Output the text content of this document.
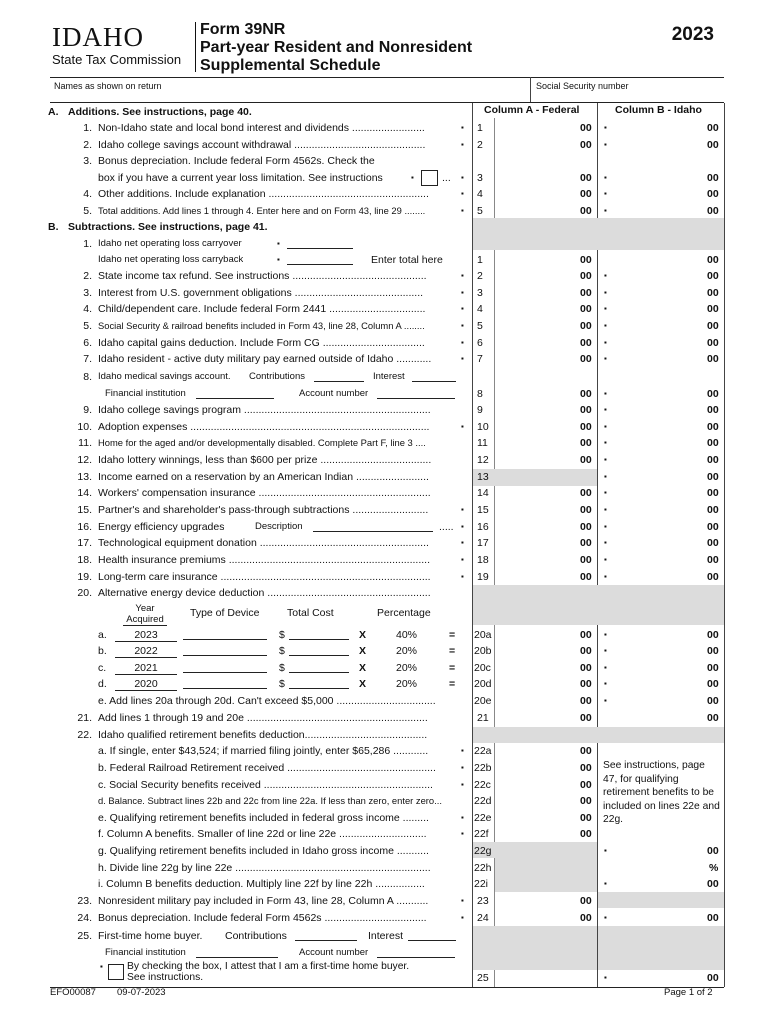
IDAHO
State Tax Commission
Form 39NR
Part-year Resident and Nonresident
Supplemental Schedule
2023
Names as shown on return	Social Security number
Column A - Federal	Column B - Idaho
A. Additions. See instructions, page 40.
1. Non-Idaho state and local bond interest and dividends .........................	▪ 1	00 ▪	00
2. Idaho college savings account withdrawal .............................................	▪ 2	00 ▪	00
3. Bonus depreciation. Include federal Form 4562s. Check the
box if you have a current year loss limitation. See instructions	▪	... ▪ 3	00 ▪	00
4. Other additions. Include explanation .......................................................	▪ 4	00 ▪	00
5. Total additions. Add lines 1 through 4. Enter here and on Form 43, line 29 ........	▪ 5	00 ▪	00
B. Subtractions. See instructions, page 41.
1. Idaho net operating loss carryover	▪
Idaho net operating loss carryback	▪	Enter total here	1	00	00
2. State income tax refund. See instructions ..............................................	▪ 2	00 ▪	00
3. Interest from U.S. government obligations ............................................	▪ 3	00 ▪	00
4. Child/dependent care. Include federal Form 2441 .................................	▪ 4	00 ▪	00
5. Social Security & railroad benefits included in Form 43, line 28, Column A ........	▪ 5	00 ▪	00
6. Idaho capital gains deduction. Include Form CG ...................................	▪ 6	00 ▪	00
7. Idaho resident - active duty military pay earned outside of Idaho ............	▪ 7	00 ▪	00
8. Idaho medical savings account. Contributions	Interest
Financial institution	Account number	8	00 ▪	00
9. Idaho college savings program ................................................................	9	00 ▪	00
10. Adoption expenses ..................................................................................	▪ 10	00 ▪	00
11. Home for the aged and/or developmentally disabled. Complete Part F, line 3 ....	11	00 ▪	00
12. Idaho lottery winnings, less than $600 per prize ......................................	12	00 ▪	00
13. Income earned on a reservation by an American Indian .........................	13	▪	00
14. Workers' compensation insurance ...........................................................	14	00 ▪	00
15. Partner's and shareholder's pass-through subtractions ..........................	▪ 15	00 ▪	00
16. Energy efficiency upgrades	Description	..... ▪ 16	00 ▪	00
17. Technological equipment donation ..........................................................	▪ 17	00 ▪	00
18. Health insurance premiums .....................................................................	▪ 18	00 ▪	00
19. Long-term care insurance ........................................................................	▪ 19	00 ▪	00
20. Alternative energy device deduction ........................................................
Year
Acquired
Type of Device	Total Cost	Percentage
a.	2023	$	X	40%	= 20a	00 ▪	00
b.	2022	$	X	20%	= 20b	00 ▪	00
c.	2021	$	X	20%	= 20c	00 ▪	00
d.	2020	$	X	20%	= 20d	00 ▪	00
e. Add lines 20a through 20d. Can't exceed $5,000 ..................................	20e	00 ▪	00
21. Add lines 1 through 19 and 20e ..............................................................	21	00	00
22. Idaho qualified retirement benefits deduction..........................................
a. If single, enter $43,524; if married filing jointly, enter $65,286 ............	▪ 22a	00
b. Federal Railroad Retirement received ...................................................	▪ 22b	00
c. Social Security benefits received ..........................................................	▪ 22c	00
d. Balance. Subtract lines 22b and 22c from line 22a. If less than zero, enter zero...	22d	00
e. Qualifying retirement benefits included in federal gross income .........	▪ 22e	00
f. Column A benefits. Smaller of line 22d or line 22e ..............................	▪ 22f	00
g. Qualifying retirement benefits included in Idaho gross income ...........	22g	▪	00
h. Divide line 22g by line 22e ...................................................................	22h	%
i. Column B benefits deduction. Multiply line 22f by line 22h .................	22i	▪	00
See instructions, page 47, for qualifying retirement benefits to be included on lines 22e and 22g.
23. Nonresident military pay included in Form 43, line 28, Column A ...........	▪ 23	00
24. Bonus depreciation. Include federal Form 4562s ...................................	▪ 24	00 ▪	00
25. First-time home buyer. Contributions	Interest
Financial institution	Account number
▪ By checking the box, I attest that I am a first-time home buyer.
See instructions.	25	▪	00
EFO00087 09-07-2023	Page 1 of 2
